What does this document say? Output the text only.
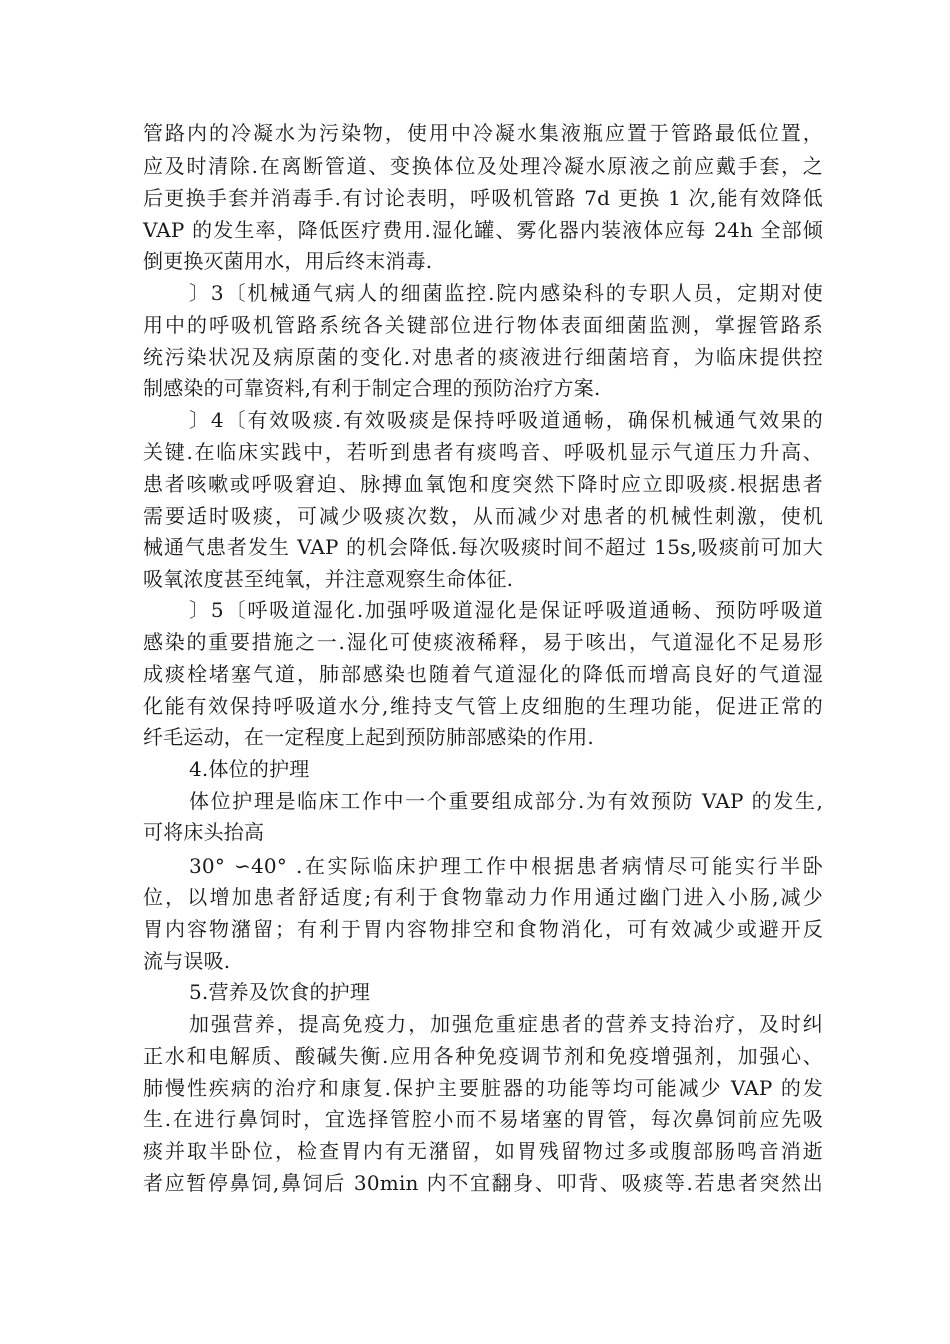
管路内的冷凝水为污染物，使用中冷凝水集液瓶应置于管路最低位置，
应及时清除.在离断管道、变换体位及处理冷凝水原液之前应戴手套，之
后更换手套并消毒手.有讨论表明，呼吸机管路 7d 更换 1 次,能有效降低
VAP 的发生率，降低医疗费用.湿化罐、雾化器内装液体应每 24h 全部倾
倒更换灭菌用水，用后终末消毒.
〕3〔机械通气病人的细菌监控.院内感染科的专职人员，定期对使
用中的呼吸机管路系统各关键部位进行物体表面细菌监测，掌握管路系
统污染状况及病原菌的变化.对患者的痰液进行细菌培育，为临床提供控
制感染的可靠资料,有利于制定合理的预防治疗方案.
〕4〔有效吸痰.有效吸痰是保持呼吸道通畅，确保机械通气效果的
关键.在临床实践中，若听到患者有痰鸣音、呼吸机显示气道压力升高、
患者咳嗽或呼吸窘迫、脉搏血氧饱和度突然下降时应立即吸痰.根据患者
需要适时吸痰，可减少吸痰次数，从而减少对患者的机械性刺激，使机
械通气患者发生 VAP 的机会降低.每次吸痰时间不超过 15s,吸痰前可加大
吸氧浓度甚至纯氧，并注意观察生命体征.
〕5〔呼吸道湿化.加强呼吸道湿化是保证呼吸道通畅、预防呼吸道
感染的重要措施之一.湿化可使痰液稀释，易于咳出，气道湿化不足易形
成痰栓堵塞气道，肺部感染也随着气道湿化的降低而增高良好的气道湿
化能有效保持呼吸道水分,维持支气管上皮细胞的生理功能，促进正常的
纤毛运动，在一定程度上起到预防肺部感染的作用.
4.体位的护理
体位护理是临床工作中一个重要组成部分.为有效预防 VAP 的发生,
可将床头抬高
30° ∽40° .在实际临床护理工作中根据患者病情尽可能实行半卧
位，以增加患者舒适度;有利于食物靠动力作用通过幽门进入小肠,减少
胃内容物潴留；有利于胃内容物排空和食物消化，可有效减少或避开反
流与误吸.
5.营养及饮食的护理
加强营养，提高免疫力，加强危重症患者的营养支持治疗，及时纠
正水和电解质、酸碱失衡.应用各种免疫调节剂和免疫增强剂，加强心、
肺慢性疾病的治疗和康复.保护主要脏器的功能等均可能减少 VAP 的发
生.在进行鼻饲时，宜选择管腔小而不易堵塞的胃管，每次鼻饲前应先吸
痰并取半卧位，检查胃内有无潴留，如胃残留物过多或腹部肠鸣音消逝
者应暂停鼻饲,鼻饲后 30min 内不宜翻身、叩背、吸痰等.若患者突然出
